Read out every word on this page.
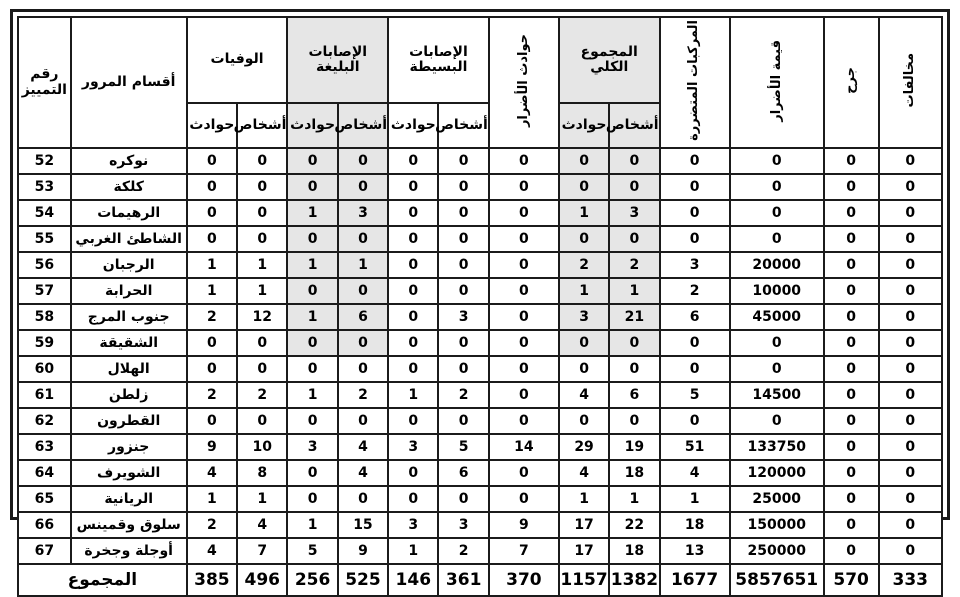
مخالفات	جرح	قيمة الأضرار	المركبات المتضررة	المجموع الكلي		حوادث الأضرار	الإصابات البسيطة		الإصابات البليغة		الوفيات		أقسام المرور	رقم التمييز
				أشخاص	حوادث		أشخاص	حوادث	أشخاص	حوادث	أشخاص	حوادث		
0	0	0	0	0	0	0	0	0	0	0	0	0	نوكره	52
0	0	0	0	0	0	0	0	0	0	0	0	0	كلكة	53
0	0	0	0	3	1	0	0	0	3	1	0	0	الرهيمات	54
0	0	0	0	0	0	0	0	0	0	0	0	0	الشاطئ الغربي	55
0	0	20000	3	2	2	0	0	0	1	1	1	1	الرجبان	56
0	0	10000	2	1	1	0	0	0	0	0	1	1	الحرابة	57
0	0	45000	6	21	3	0	3	0	6	1	12	2	جنوب المرج	58
0	0	0	0	0	0	0	0	0	0	0	0	0	الشقيقة	59
0	0	0	0	0	0	0	0	0	0	0	0	0	الهلال	60
0	0	14500	5	6	4	0	2	1	2	1	2	2	زلطن	61
0	0	0	0	0	0	0	0	0	0	0	0	0	القطرون	62
0	0	133750	51	19	29	14	5	3	4	3	10	9	جنزور	63
0	0	120000	4	18	4	0	6	0	4	0	8	4	الشويرف	64
0	0	25000	1	1	1	0	0	0	0	0	1	1	الريانية	65
0	0	150000	18	22	17	9	3	3	15	1	4	2	سلوق وقمينس	66
0	0	250000	13	18	17	7	2	1	9	5	7	4	أوجلة وجخرة	67
333	570	5857651	1677	1382	1157	370	361	146	525	256	496	385	المجموع	
